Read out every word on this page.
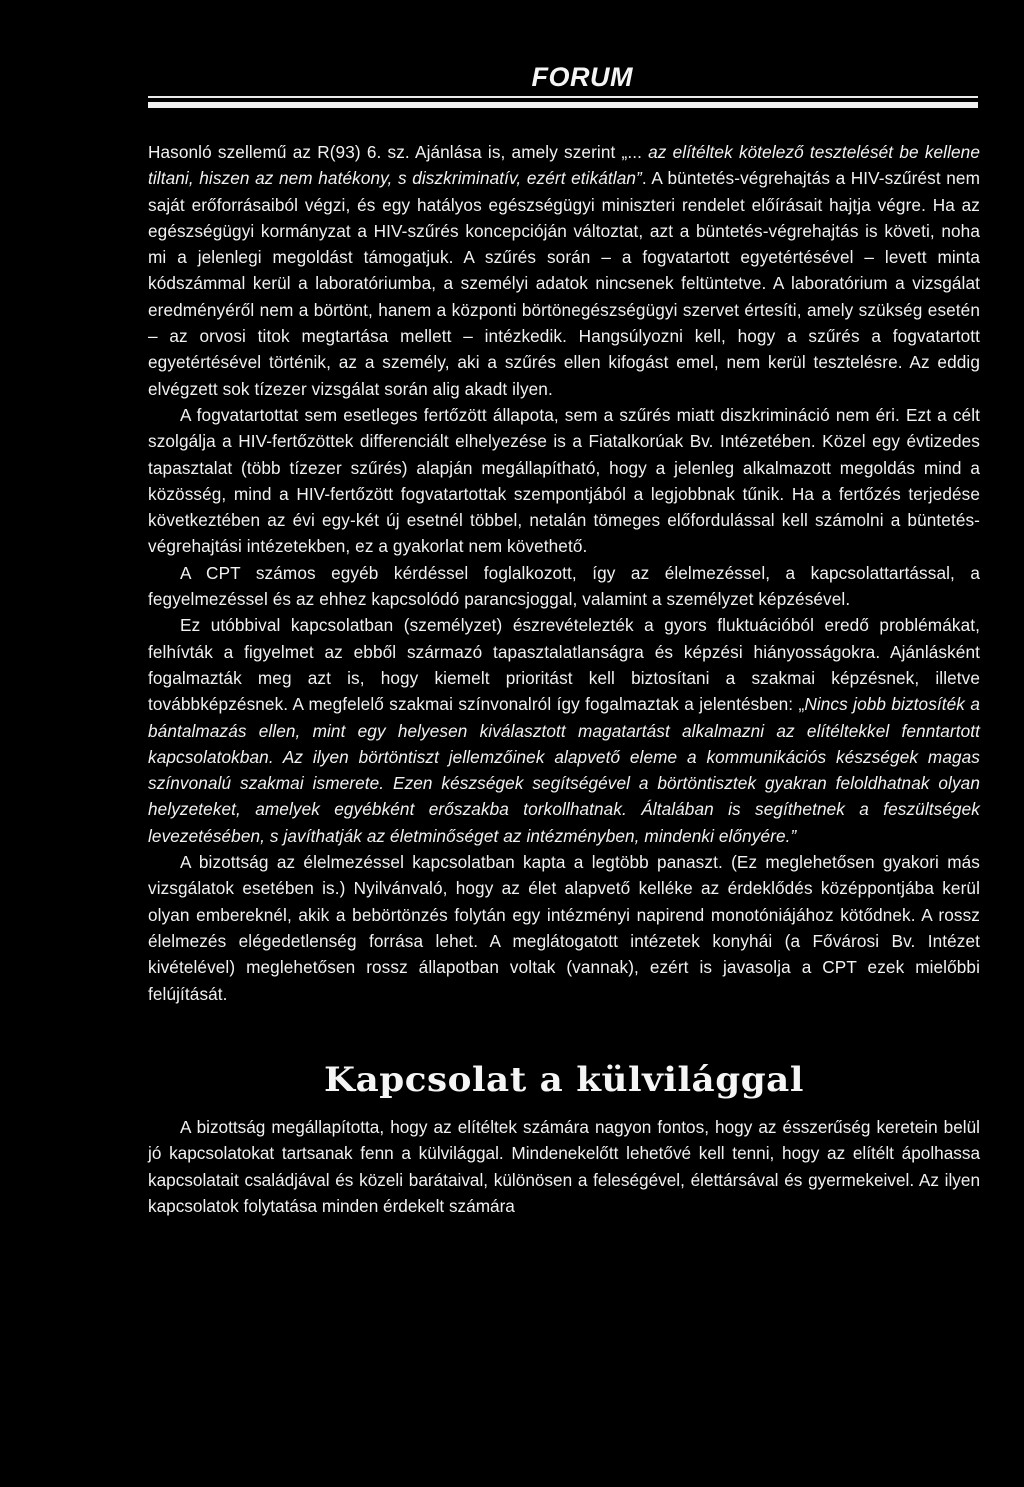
FORUM

Hasonló szellemű az R(93) 6. sz. Ajánlása is, amely szerint „... az elítéltek kötelező tesztelését be kellene tiltani, hiszen az nem hatékony, s diszkriminatív, ezért etikátlan”. A büntetés-végrehajtás a HIV-szűrést nem saját erőforrásaiból végzi, és egy hatályos egészségügyi miniszteri rendelet előírásait hajtja végre. Ha az egészségügyi kormányzat a HIV-szűrés koncepcióján változtat, azt a büntetés-végrehajtás is követi, noha mi a jelenlegi megoldást támogatjuk. A szűrés során – a fogvatartott egyetértésével – levett minta kódszámmal kerül a laboratóriumba, a személyi adatok nincsenek feltüntetve. A laboratórium a vizsgálat eredményéről nem a börtönt, hanem a központi börtönegészségügyi szervet értesíti, amely szükség esetén – az orvosi titok megtartása mellett – intézkedik. Hangsúlyozni kell, hogy a szűrés a fogvatartott egyetértésével történik, az a személy, aki a szűrés ellen kifogást emel, nem kerül tesztelésre. Az eddig elvégzett sok tízezer vizsgálat során alig akadt ilyen.

A fogvatartottat sem esetleges fertőzött állapota, sem a szűrés miatt diszkrimináció nem éri. Ezt a célt szolgálja a HIV-fertőzöttek differenciált elhelyezése is a Fiatalkorúak Bv. Intézetében. Közel egy évtizedes tapasztalat (több tízezer szűrés) alapján megállapítható, hogy a jelenleg alkalmazott megoldás mind a közösség, mind a HIV-fertőzött fogvatartottak szempontjából a legjobbnak tűnik. Ha a fertőzés terjedése következtében az évi egy-két új esetnél többel, netalán tömeges előfordulással kell számolni a büntetés-végrehajtási intézetekben, ez a gyakorlat nem követhető.

A CPT számos egyéb kérdéssel foglalkozott, így az élelmezéssel, a kapcsolattartással, a fegyelmezéssel és az ehhez kapcsolódó parancsjoggal, valamint a személyzet képzésével.

Ez utóbbival kapcsolatban (személyzet) észrevételezték a gyors fluktuációból eredő problémákat, felhívták a figyelmet az ebből származó tapasztalatlanságra és képzési hiányosságokra. Ajánlásként fogalmazták meg azt is, hogy kiemelt prioritást kell biztosítani a szakmai képzésnek, illetve továbbképzésnek. A megfelelő szakmai színvonalról így fogalmaztak a jelentésben: „Nincs jobb biztosíték a bántalmazás ellen, mint egy helyesen kiválasztott magatartást alkalmazni az elítéltekkel fenntartott kapcsolatokban. Az ilyen börtöntiszt jellemzőinek alapvető eleme a kommunikációs készségek magas színvonalú szakmai ismerete. Ezen készségek segítségével a börtöntisztek gyakran feloldhatnak olyan helyzeteket, amelyek egyébként erőszakba torkollhatnak. Általában is segíthetnek a feszültségek levezetésében, s javíthatják az életminőséget az intézményben, mindenki előnyére.”

A bizottság az élelmezéssel kapcsolatban kapta a legtöbb panaszt. (Ez meglehetősen gyakori más vizsgálatok esetében is.) Nyilvánvaló, hogy az élet alapvető kelléke az érdeklődés középpontjába kerül olyan embereknél, akik a bebörtönzés folytán egy intézményi napirend monotóniájához kötődnek. A rossz élelmezés elégedetlenség forrása lehet. A meglátogatott intézetek konyhái (a Fővárosi Bv. Intézet kivételével) meglehetősen rossz állapotban voltak (vannak), ezért is javasolja a CPT ezek mielőbbi felújítását.

Kapcsolat a külvilággal

A bizottság megállapította, hogy az elítéltek számára nagyon fontos, hogy az ésszerűség keretein belül jó kapcsolatokat tartsanak fenn a külvilággal. Mindenekelőtt lehetővé kell tenni, hogy az elítélt ápolhassa kapcsolatait családjával és közeli barátaival, különösen a feleségével, élettársával és gyermekeivel. Az ilyen kapcsolatok folytatása minden érdekelt számára
